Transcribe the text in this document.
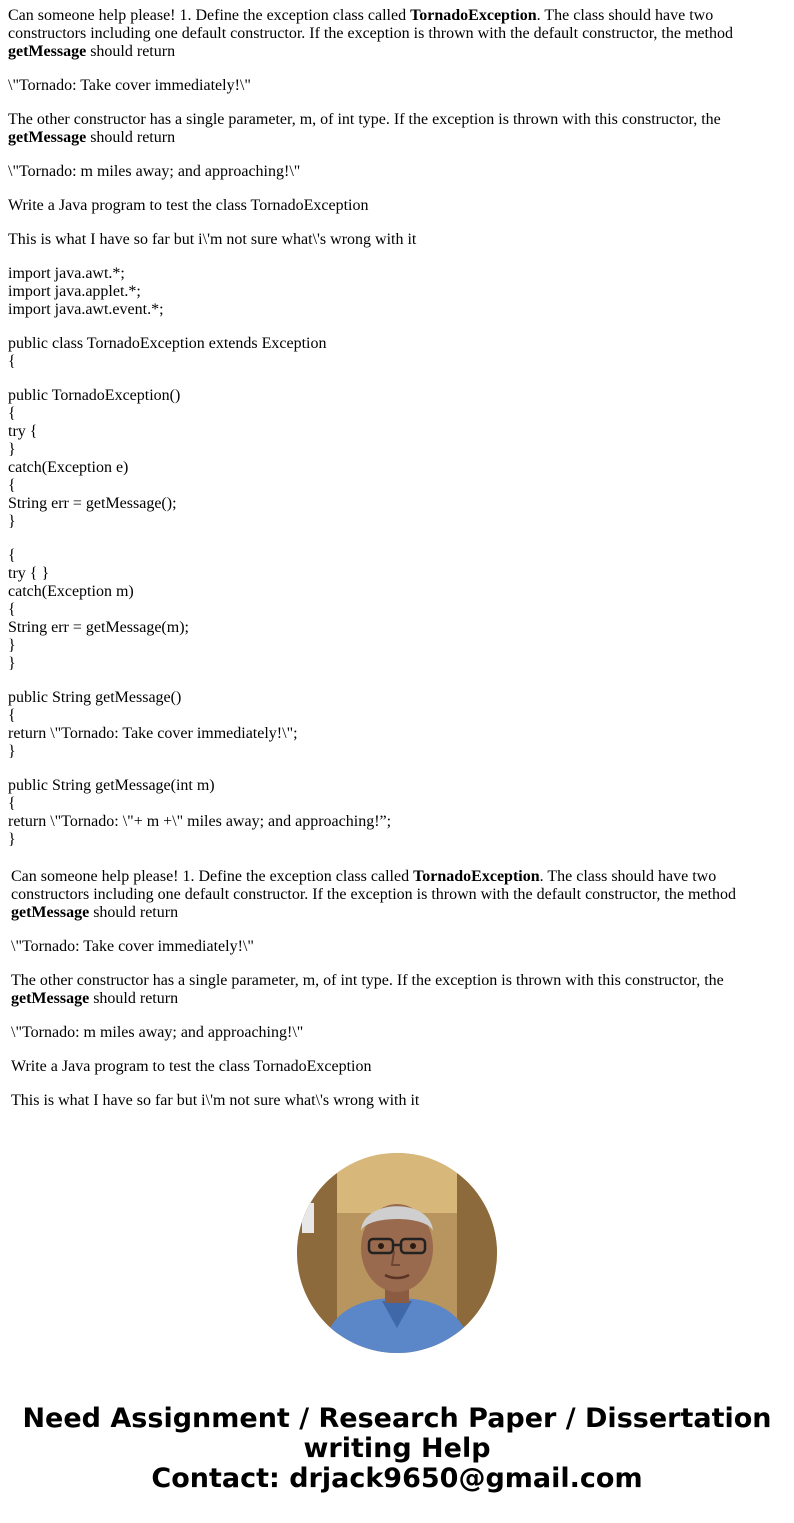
Can someone help please! 1. Define the exception class called TornadoException. The class should have two constructors including one default constructor. If the exception is thrown with the default constructor, the method getMessage should return

\"Tornado: Take cover immediately!\"

The other constructor has a single parameter, m, of int type. If the exception is thrown with this constructor, the getMessage should return

\"Tornado: m miles away; and approaching!\"

Write a Java program to test the class TornadoException

This is what I have so far but i\'m not sure what\'s wrong with it

import java.awt.*;
import java.applet.*;
import java.awt.event.*;
public class TornadoException extends Exception
{
public TornadoException()
{
try {
}
catch(Exception e)
{
String err = getMessage();
}
{
try { }
catch(Exception m)
{
String err = getMessage(m);
}
}
public String getMessage()
{
return \"Tornado: Take cover immediately!\";
}
public String getMessage(int m)
{
return \"Tornado: \"+ m +\" miles away; and approaching!”;
}

Can someone help please! 1. Define the exception class called TornadoException. The class should have two constructors including one default constructor. If the exception is thrown with the default constructor, the method getMessage should return

\"Tornado: Take cover immediately!\"

The other constructor has a single parameter, m, of int type. If the exception is thrown with this constructor, the getMessage should return

\"Tornado: m miles away; and approaching!\"

Write a Java program to test the class TornadoException

This is what I have so far but i\'m not sure what\'s wrong with it

Need Assignment / Research Paper / Dissertation
writing Help
Contact: drjack9650@gmail.com
